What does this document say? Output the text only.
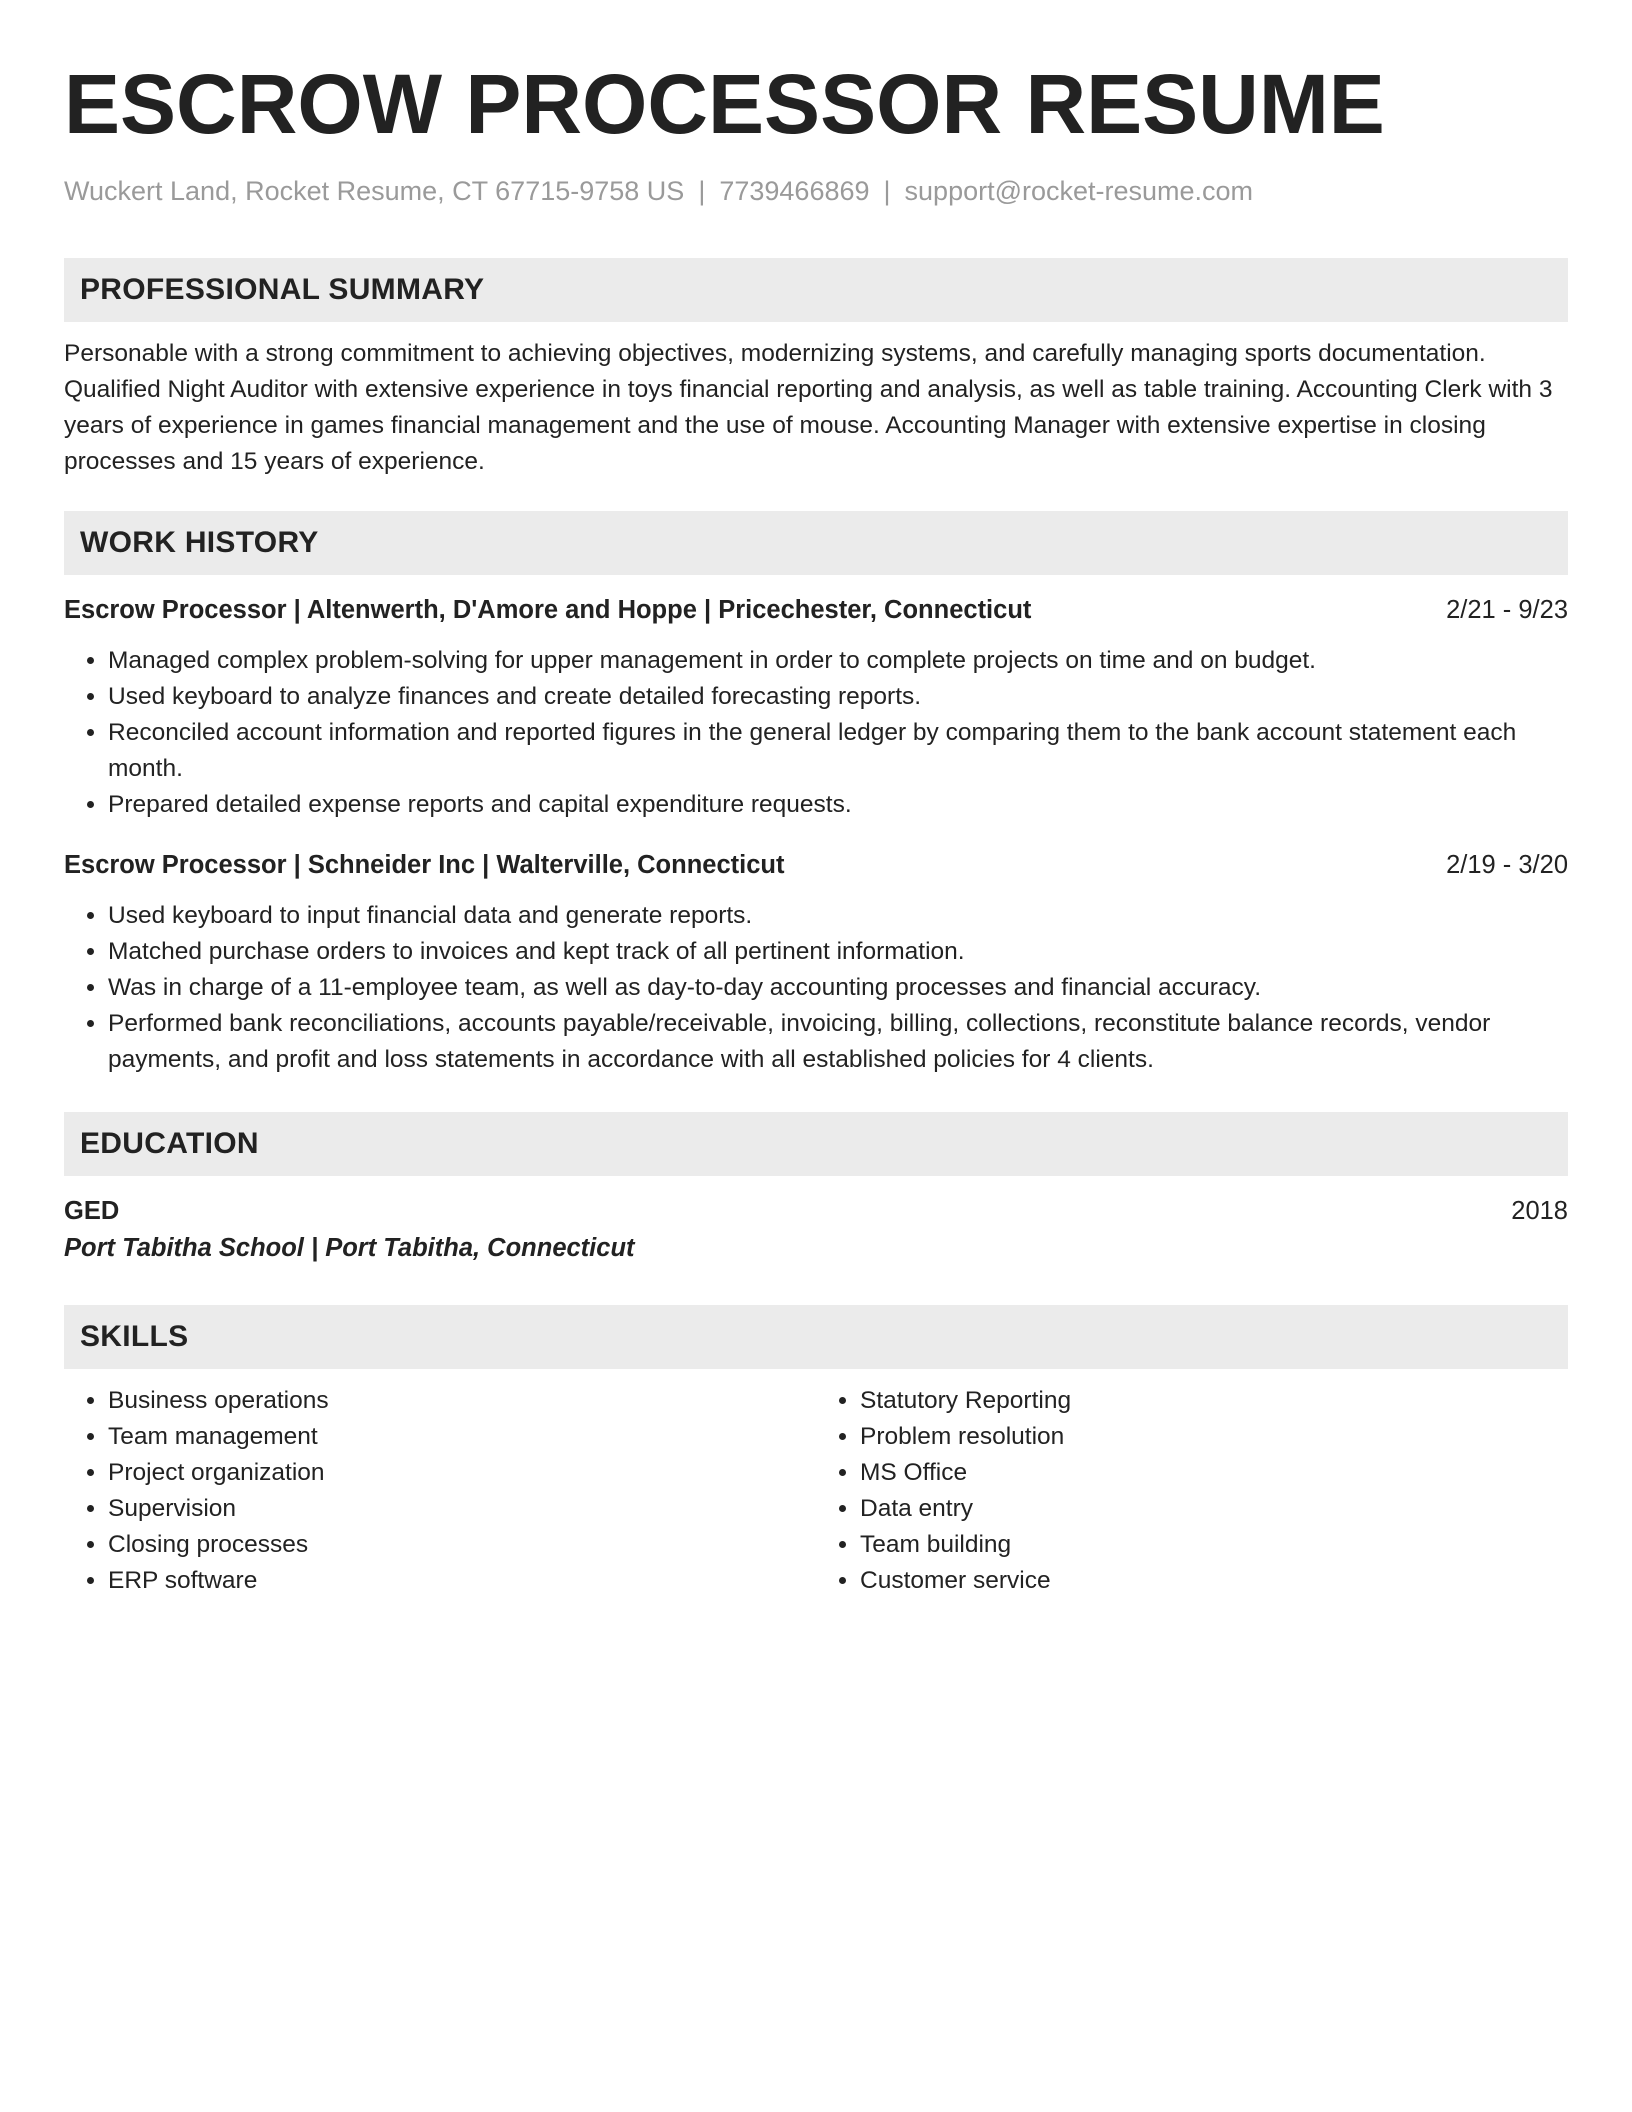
ESCROW PROCESSOR RESUME
Wuckert Land, Rocket Resume, CT 67715-9758 US | 7739466869 | support@rocket-resume.com
PROFESSIONAL SUMMARY
Personable with a strong commitment to achieving objectives, modernizing systems, and carefully managing sports documentation. Qualified Night Auditor with extensive experience in toys financial reporting and analysis, as well as table training. Accounting Clerk with 3 years of experience in games financial management and the use of mouse. Accounting Manager with extensive expertise in closing processes and 15 years of experience.
WORK HISTORY
Escrow Processor | Altenwerth, D'Amore and Hoppe | Pricechester, Connecticut	2/21 - 9/23
• Managed complex problem-solving for upper management in order to complete projects on time and on budget.
• Used keyboard to analyze finances and create detailed forecasting reports.
• Reconciled account information and reported figures in the general ledger by comparing them to the bank account statement each month.
• Prepared detailed expense reports and capital expenditure requests.
Escrow Processor | Schneider Inc | Walterville, Connecticut	2/19 - 3/20
• Used keyboard to input financial data and generate reports.
• Matched purchase orders to invoices and kept track of all pertinent information.
• Was in charge of a 11-employee team, as well as day-to-day accounting processes and financial accuracy.
• Performed bank reconciliations, accounts payable/receivable, invoicing, billing, collections, reconstitute balance records, vendor payments, and profit and loss statements in accordance with all established policies for 4 clients.
EDUCATION
GED	2018
Port Tabitha School | Port Tabitha, Connecticut
SKILLS
• Business operations
• Team management
• Project organization
• Supervision
• Closing processes
• ERP software
• Statutory Reporting
• Problem resolution
• MS Office
• Data entry
• Team building
• Customer service
